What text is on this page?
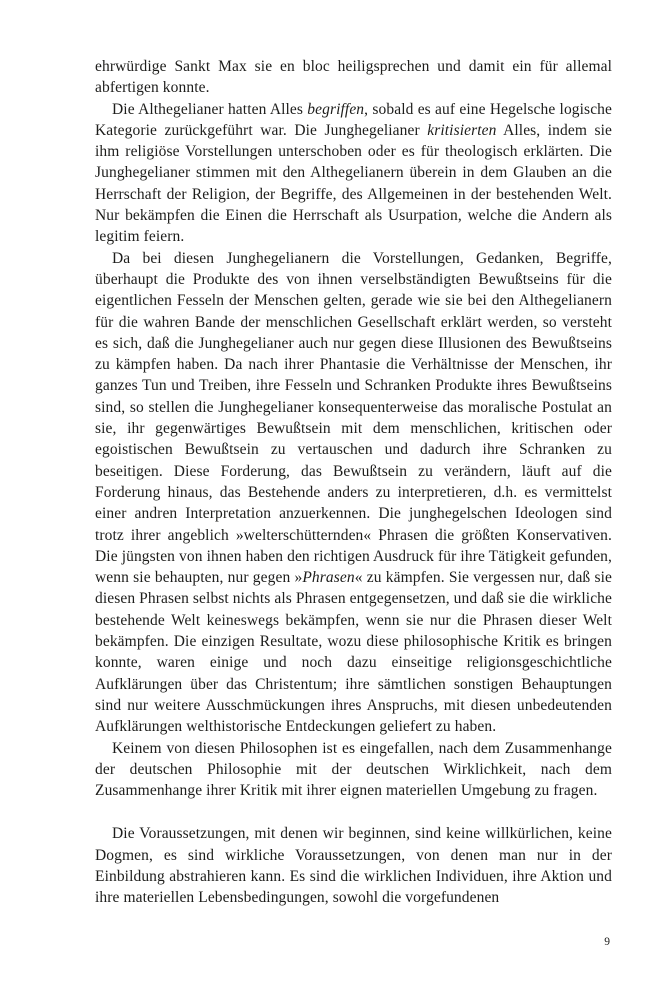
ehrwürdige Sankt Max sie en bloc heiligsprechen und damit ein für allemal abfertigen konnte.

Die Althegelianer hatten Alles begriffen, sobald es auf eine Hegelsche logische Kategorie zurückgeführt war. Die Junghegelianer kritisierten Alles, indem sie ihm religiöse Vorstellungen unterschoben oder es für theologisch erklärten. Die Junghegelianer stimmen mit den Althegelianern überein in dem Glauben an die Herrschaft der Religion, der Begriffe, des Allgemeinen in der bestehenden Welt. Nur bekämpfen die Einen die Herrschaft als Usurpation, welche die Andern als legitim feiern.

Da bei diesen Junghegelianern die Vorstellungen, Gedanken, Begriffe, überhaupt die Produkte des von ihnen verselbständigten Bewußtseins für die eigentlichen Fesseln der Menschen gelten, gerade wie sie bei den Althegelianern für die wahren Bande der menschlichen Gesellschaft erklärt werden, so versteht es sich, daß die Junghegelianer auch nur gegen diese Illusionen des Bewußtseins zu kämpfen haben. Da nach ihrer Phantasie die Verhältnisse der Menschen, ihr ganzes Tun und Treiben, ihre Fesseln und Schranken Produkte ihres Bewußtseins sind, so stellen die Junghegelianer konsequenterweise das moralische Postulat an sie, ihr gegenwärtiges Bewußtsein mit dem menschlichen, kritischen oder egoistischen Bewußtsein zu vertauschen und dadurch ihre Schranken zu beseitigen. Diese Forderung, das Bewußtsein zu verändern, läuft auf die Forderung hinaus, das Bestehende anders zu interpretieren, d.h. es vermittelst einer andren Interpretation anzuerkennen. Die junghegelschen Ideologen sind trotz ihrer angeblich »welterschütternden« Phrasen die größten Konservativen. Die jüngsten von ihnen haben den richtigen Ausdruck für ihre Tätigkeit gefunden, wenn sie behaupten, nur gegen »Phrasen« zu kämpfen. Sie vergessen nur, daß sie diesen Phrasen selbst nichts als Phrasen entgegensetzen, und daß sie die wirkliche bestehende Welt keineswegs bekämpfen, wenn sie nur die Phrasen dieser Welt bekämpfen. Die einzigen Resultate, wozu diese philosophische Kritik es bringen konnte, waren einige und noch dazu einseitige religionsgeschichtliche Aufklärungen über das Christentum; ihre sämtlichen sonstigen Behauptungen sind nur weitere Ausschmückungen ihres Anspruchs, mit diesen unbedeutenden Aufklärungen welthistorische Entdeckungen geliefert zu haben.

Keinem von diesen Philosophen ist es eingefallen, nach dem Zusammenhange der deutschen Philosophie mit der deutschen Wirklichkeit, nach dem Zusammenhange ihrer Kritik mit ihrer eignen materiellen Umgebung zu fragen.

Die Voraussetzungen, mit denen wir beginnen, sind keine willkürlichen, keine Dogmen, es sind wirkliche Voraussetzungen, von denen man nur in der Einbildung abstrahieren kann. Es sind die wirklichen Individuen, ihre Aktion und ihre materiellen Lebensbedingungen, sowohl die vorgefundenen

9
